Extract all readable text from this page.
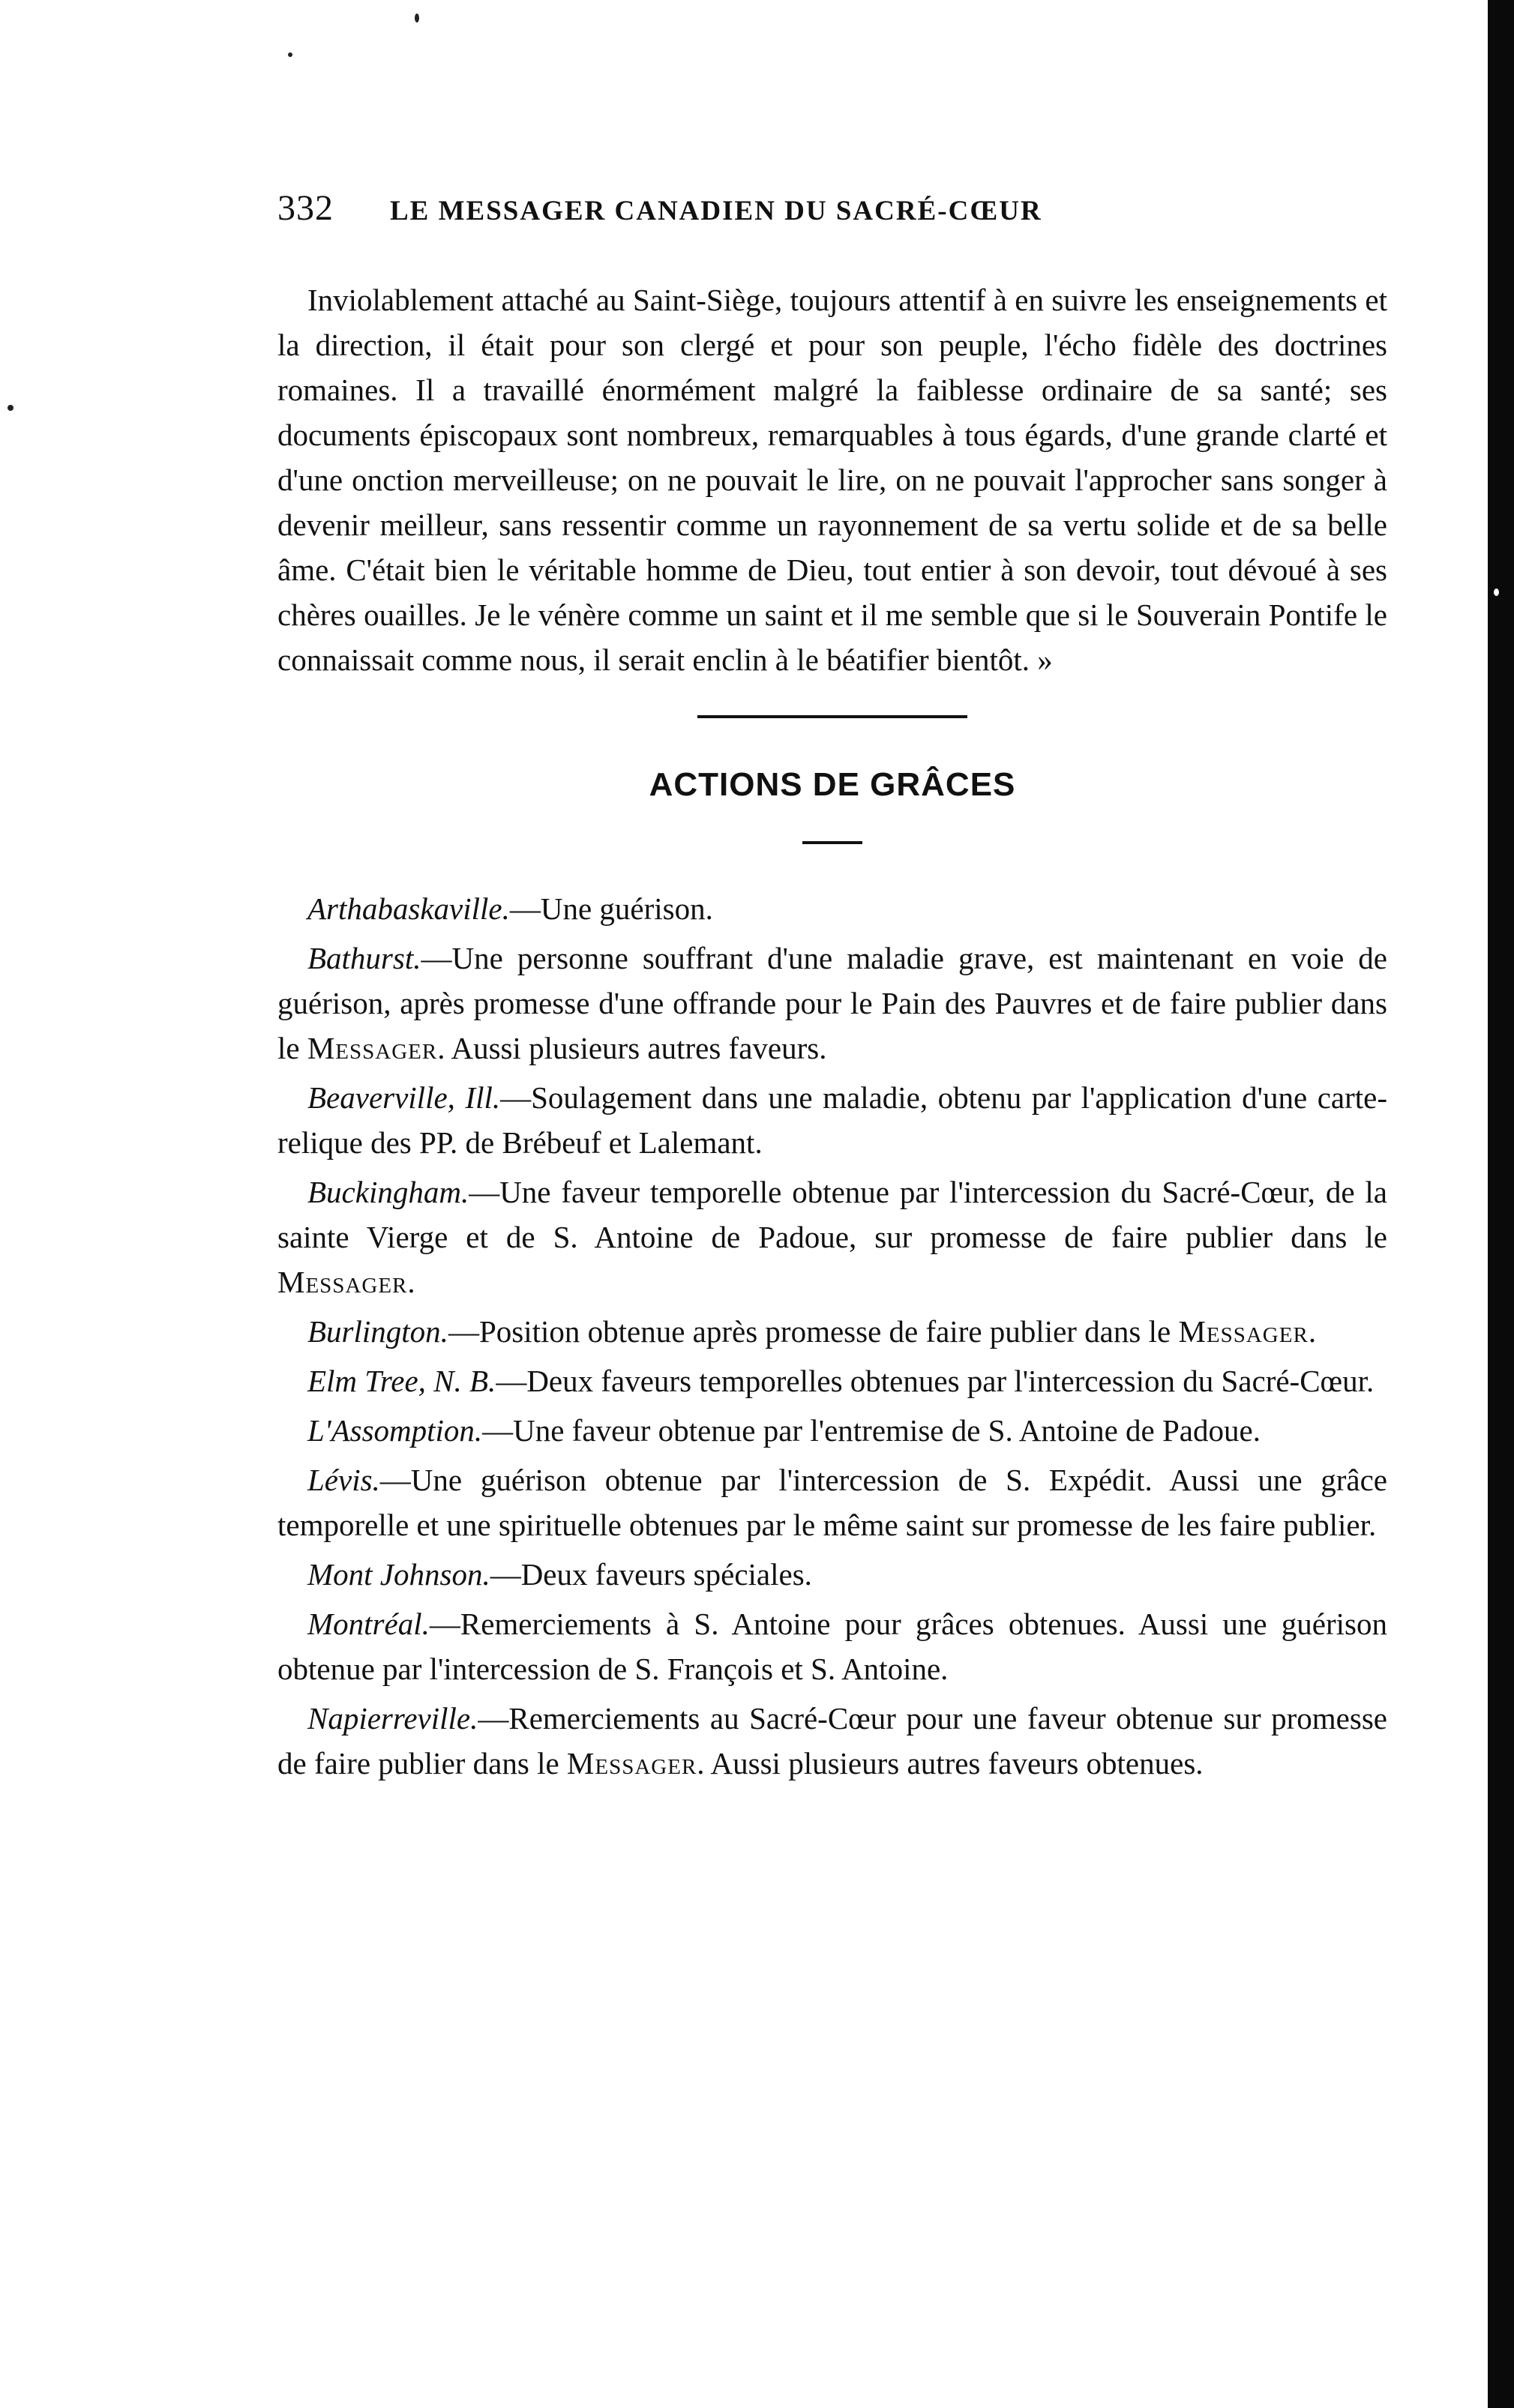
332	LE MESSAGER CANADIEN DU SACRÉ-CŒUR

Inviolablement attaché au Saint-Siège, toujours attentif à en suivre les enseignements et la direction, il était pour son clergé et pour son peuple, l'écho fidèle des doctrines romaines. Il a travaillé énormément malgré la faiblesse ordinaire de sa santé; ses documents épiscopaux sont nombreux, remarquables à tous égards, d'une grande clarté et d'une onction merveilleuse; on ne pouvait le lire, on ne pouvait l'approcher sans songer à devenir meilleur, sans ressentir comme un rayonnement de sa vertu solide et de sa belle âme. C'était bien le véritable homme de Dieu, tout entier à son devoir, tout dévoué à ses chères ouailles. Je le vénère comme un saint et il me semble que si le Souverain Pontife le connaissait comme nous, il serait enclin à le béatifier bientôt. »

ACTIONS DE GRÂCES

Arthabaskaville.—Une guérison.

Bathurst.—Une personne souffrant d'une maladie grave, est maintenant en voie de guérison, après promesse d'une offrande pour le Pain des Pauvres et de faire publier dans le Messager. Aussi plusieurs autres faveurs.

Beaverville, Ill.—Soulagement dans une maladie, obtenu par l'application d'une carte-relique des PP. de Brébeuf et Lalemant.

Buckingham.—Une faveur temporelle obtenue par l'intercession du Sacré-Cœur, de la sainte Vierge et de S. Antoine de Padoue, sur promesse de faire publier dans le Messager.

Burlington.—Position obtenue après promesse de faire publier dans le Messager.

Elm Tree, N. B.—Deux faveurs temporelles obtenues par l'intercession du Sacré-Cœur.

L'Assomption.—Une faveur obtenue par l'entremise de S. Antoine de Padoue.

Lévis.—Une guérison obtenue par l'intercession de S. Expédit. Aussi une grâce temporelle et une spirituelle obtenues par le même saint sur promesse de les faire publier.

Mont Johnson.—Deux faveurs spéciales.

Montréal.—Remerciements à S. Antoine pour grâces obtenues. Aussi une guérison obtenue par l'intercession de S. François et S. Antoine.

Napierreville.—Remerciements au Sacré-Cœur pour une faveur obtenue sur promesse de faire publier dans le Messager. Aussi plusieurs autres faveurs obtenues.
